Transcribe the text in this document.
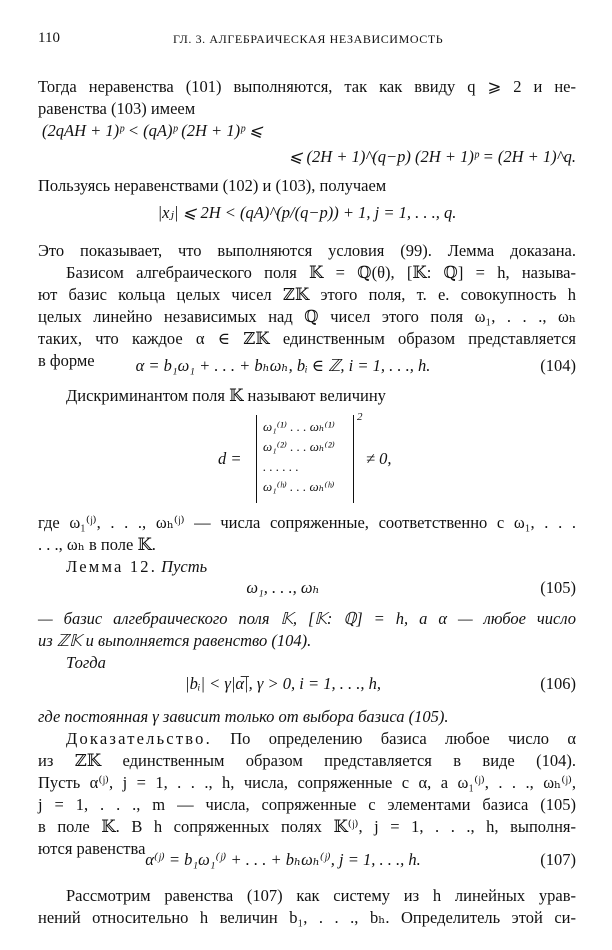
110	ГЛ. 3. АЛГЕБРАИЧЕСКАЯ НЕЗАВИСИМОСТЬ
Тогда неравенства (101) выполняются, так как ввиду q ⩾ 2 и не-
равенства (103) имеем
(2qAH + 1)ᵖ < (qA)ᵖ (2H + 1)ᵖ ⩽
⩽ (2H + 1)^(q−p) (2H + 1)ᵖ = (2H + 1)^q.
Пользуясь неравенствами (102) и (103), получаем
|xⱼ| ⩽ 2H < (qA)^(p/(q−p)) + 1, j = 1, . . ., q.
Это показывает, что выполняются условия (99). Лемма доказана.
Базисом алгебраического поля 𝕂 = ℚ(θ), [𝕂: ℚ] = h, называ-
ют базис кольца целых чисел ℤ𝕂 этого поля, т. е. совокупность h
целых линейно независимых над ℚ чисел этого поля ω₁, . . ., ωₕ
таких, что каждое α ∈ ℤ𝕂 единственным образом представляется
в форме	α = b₁ω₁ + . . . + bₕωₕ, bᵢ ∈ ℤ, i = 1, . . ., h.	(104)
Дискриминантом поля 𝕂 называют величину
d =
ω₁⁽¹⁾ . . . ωₕ⁽¹⁾
ω₁⁽²⁾ . . . ωₕ⁽²⁾
. . . . . .
ω₁⁽ʰ⁾ . . . ωₕ⁽ʰ⁾
2
≠ 0,
где ω₁⁽ʲ⁾, . . ., ωₕ⁽ʲ⁾ — числа сопряженные, соответственно с ω₁, . . .
. . ., ωₕ в поле 𝕂.
Лемма 12. Пусть
ω₁, . . ., ωₕ	(105)
— базис алгебраического поля 𝕂, [𝕂: ℚ] = h, а α — любое число
из ℤ𝕂 и выполняется равенство (104).
Тогда
|bᵢ| < γ|α̅|, γ > 0, i = 1, . . ., h,	(106)
где постоянная γ зависит только от выбора базиса (105).
Доказательство. По определению базиса любое число α
из ℤ𝕂 единственным образом представляется в виде (104).
Пусть α⁽ʲ⁾, j = 1, . . ., h, числа, сопряженные с α, а ω₁⁽ʲ⁾, . . ., ωₕ⁽ʲ⁾,
j = 1, . . ., m — числа, сопряженные с элементами базиса (105)
в поле 𝕂. В h сопряженных полях 𝕂⁽ʲ⁾, j = 1, . . ., h, выполня-
ются равенства
α⁽ʲ⁾ = b₁ω₁⁽ʲ⁾ + . . . + bₕωₕ⁽ʲ⁾, j = 1, . . ., h.	(107)
Рассмотрим равенства (107) как систему из h линейных урав-
нений относительно h величин b₁, . . ., bₕ. Определитель этой си-
